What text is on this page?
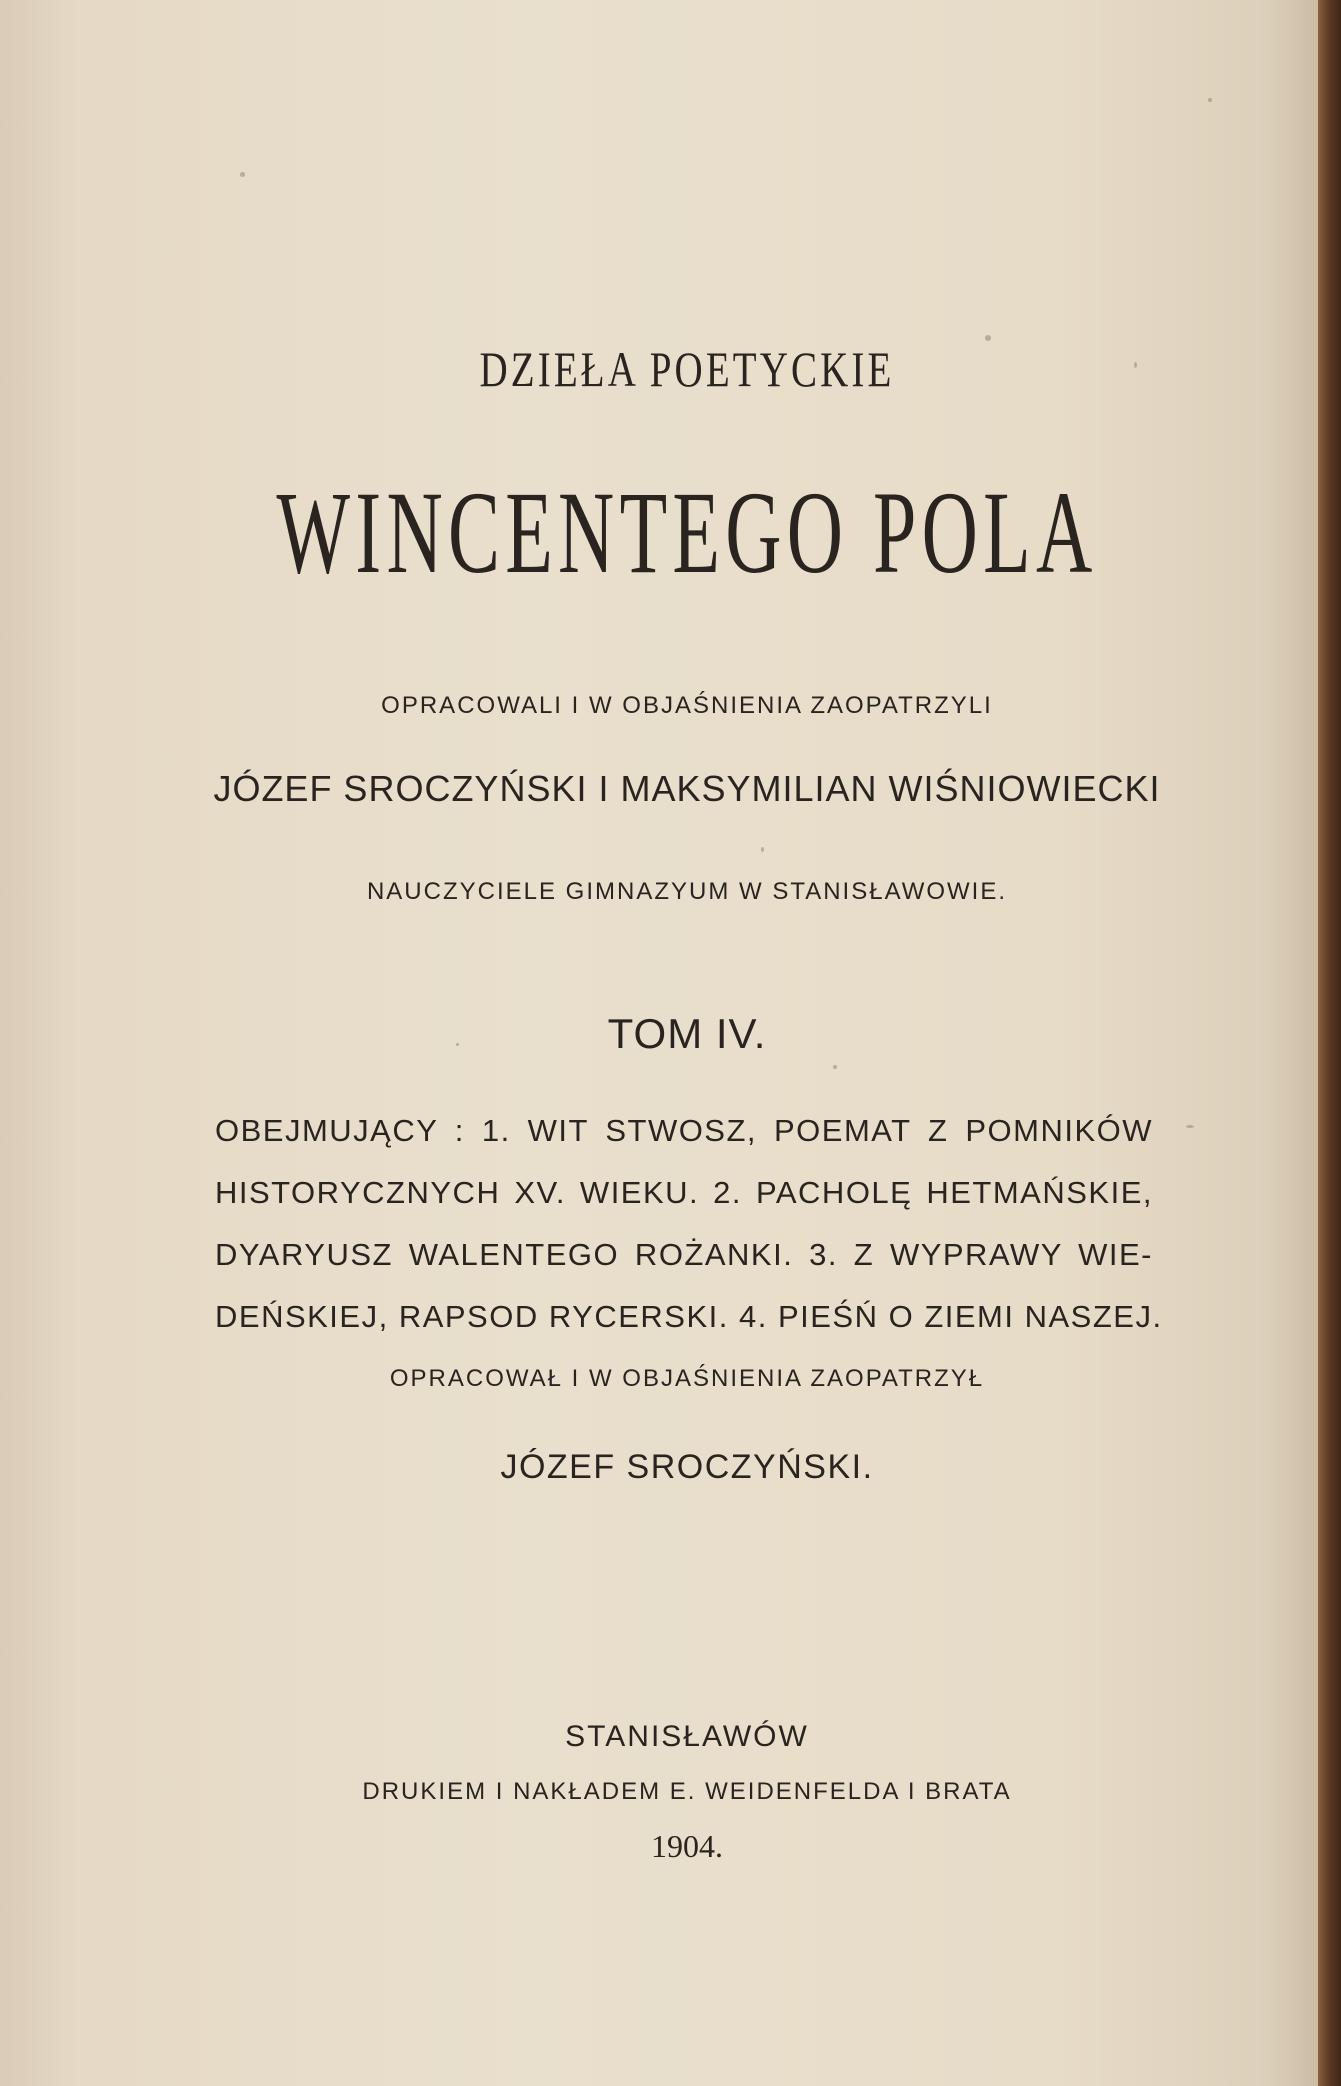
DZIEŁA POETYCKIE
WINCENTEGO POLA
OPRACOWALI I W OBJAŚNIENIA ZAOPATRZYLI
JÓZEF SROCZYŃSKI I MAKSYMILIAN WIŚNIOWIECKI
NAUCZYCIELE GIMNAZYUM W STANISŁAWOWIE.
TOM IV.
OBEJMUJĄCY : 1. WIT STWOSZ, POEMAT Z POMNIKÓW
HISTORYCZNYCH XV. WIEKU. 2. PACHOLĘ HETMAŃSKIE,
DYARYUSZ WALENTEGO ROŻANKI. 3. Z WYPRAWY WIE-
DEŃSKIEJ, RAPSOD RYCERSKI. 4. PIEŚŃ O ZIEMI NASZEJ.
OPRACOWAŁ I W OBJAŚNIENIA ZAOPATRZYŁ
JÓZEF SROCZYŃSKI.
STANISŁAWÓW
DRUKIEM I NAKŁADEM E. WEIDENFELDA I BRATA
1904.
